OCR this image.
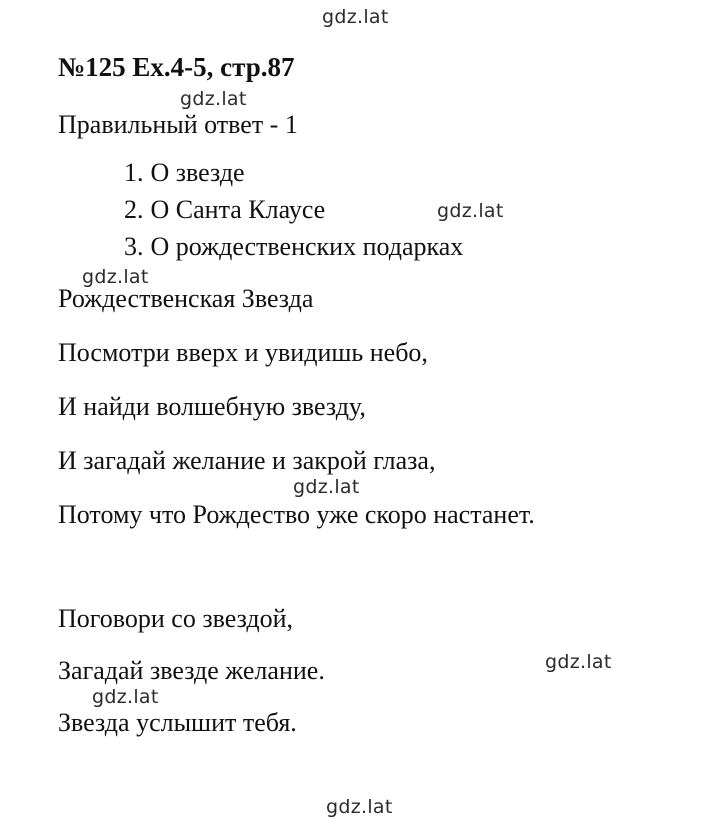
gdz.lat
gdz.lat
gdz.lat
gdz.lat
gdz.lat
gdz.lat
gdz.lat
gdz.lat
№125 Ex.4-5, стр.87
Правильный ответ - 1
1. О звезде
2. О Санта Клаусе
3. О рождественских подарках
Рождественская Звезда
Посмотри вверх и увидишь небо,
И найди волшебную звезду,
И загадай желание и закрой глаза,
Потому что Рождество уже скоро настанет.
Поговори со звездой,
Загадай звезде желание.
Звезда услышит тебя.
